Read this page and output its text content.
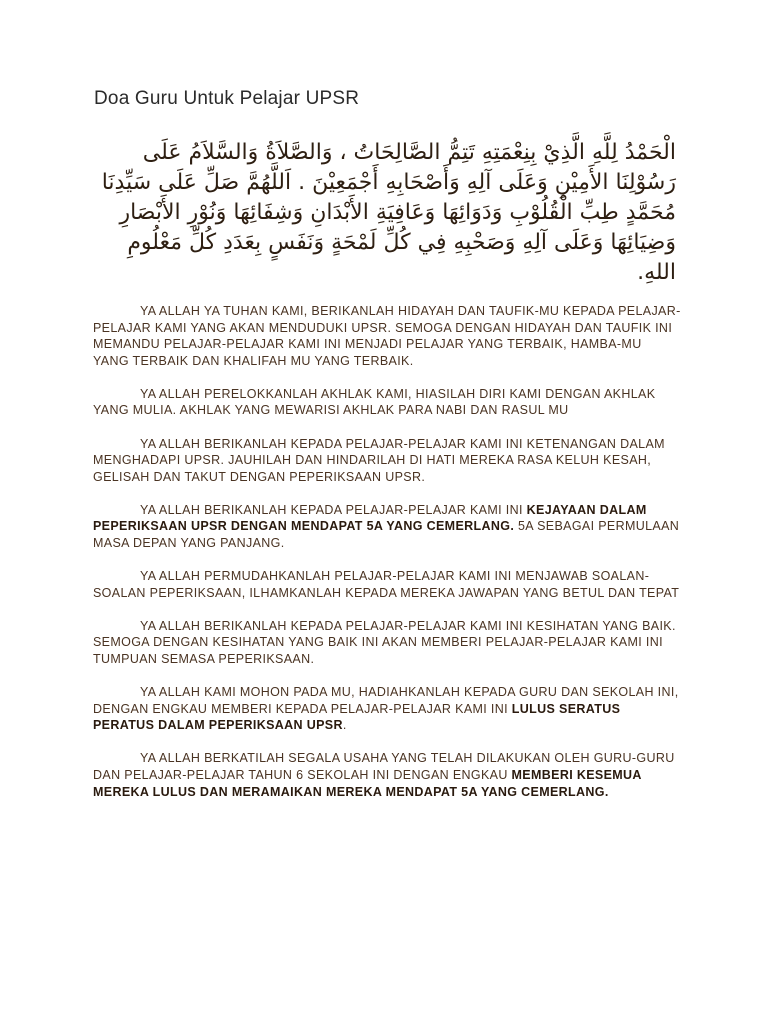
Doa Guru Untuk Pelajar UPSR
الْحَمْدُ لِلَّهِ الَّذِيْ بِنِعْمَتِهِ تَتِمُّ الصَّالِحَاتُ ، وَالصَّلاَةُ وَالسَّلاَمُ عَلَى رَسُوْلِنَا الأَمِيْنِ وَعَلَى آلِهِ وَأَصْحَابِهِ أَجْمَعِيْنَ . اَللَّهُمَّ صَلِّ عَلَى سَيِّدِنَا مُحَمَّدٍ طِبِّ الْقُلُوْبِ وَدَوَائِهَا وَعَافِيَةِ الأَبْدَانِ وَشِفَائِهَا وَنُوْرِ الأَبْصَارِ وَضِيَائِهَا وَعَلَى آلِهِ وَصَحْبِهِ فِي كُلِّ لَمْحَةٍ وَنَفَسٍ بِعَدَدِ كُلِّ مَعْلُومِ اللهِ.

YA ALLAH YA TUHAN KAMI, BERIKANLAH HIDAYAH DAN TAUFIK-MU KEPADA PELAJAR-PELAJAR KAMI YANG AKAN MENDUDUKI UPSR. SEMOGA DENGAN HIDAYAH DAN TAUFIK INI MEMANDU PELAJAR-PELAJAR KAMI INI MENJADI PELAJAR YANG TERBAIK, HAMBA-MU YANG TERBAIK DAN KHALIFAH MU YANG TERBAIK.

YA ALLAH PERELOKKANLAH AKHLAK KAMI, HIASILAH DIRI KAMI DENGAN AKHLAK YANG MULIA. AKHLAK YANG MEWARISI AKHLAK PARA NABI DAN RASUL MU

YA ALLAH BERIKANLAH KEPADA PELAJAR-PELAJAR KAMI INI KETENANGAN DALAM MENGHADAPI UPSR. JAUHILAH DAN HINDARILAH DI HATI MEREKA RASA KELUH KESAH, GELISAH DAN TAKUT DENGAN PEPERIKSAAN UPSR.

YA ALLAH BERIKANLAH KEPADA PELAJAR-PELAJAR KAMI INI KEJAYAAN DALAM PEPERIKSAAN UPSR DENGAN MENDAPAT 5A YANG CEMERLANG. 5A SEBAGAI PERMULAAN MASA DEPAN YANG PANJANG.

YA ALLAH PERMUDAHKANLAH PELAJAR-PELAJAR KAMI INI MENJAWAB SOALAN-SOALAN PEPERIKSAAN, ILHAMKANLAH KEPADA MEREKA JAWAPAN YANG BETUL DAN TEPAT

YA ALLAH BERIKANLAH KEPADA PELAJAR-PELAJAR KAMI INI KESIHATAN YANG BAIK. SEMOGA DENGAN KESIHATAN YANG BAIK INI AKAN MEMBERI PELAJAR-PELAJAR KAMI INI TUMPUAN SEMASA PEPERIKSAAN.

YA ALLAH KAMI MOHON PADA MU, HADIAHKANLAH KEPADA GURU DAN SEKOLAH INI, DENGAN ENGKAU MEMBERI KEPADA PELAJAR-PELAJAR KAMI INI LULUS SERATUS PERATUS DALAM PEPERIKSAAN UPSR.

YA ALLAH BERKATILAH SEGALA USAHA YANG TELAH DILAKUKAN OLEH GURU-GURU DAN PELAJAR-PELAJAR TAHUN 6 SEKOLAH INI DENGAN ENGKAU MEMBERI KESEMUA MEREKA LULUS DAN MERAMAIKAN MEREKA MENDAPAT 5A YANG CEMERLANG.
